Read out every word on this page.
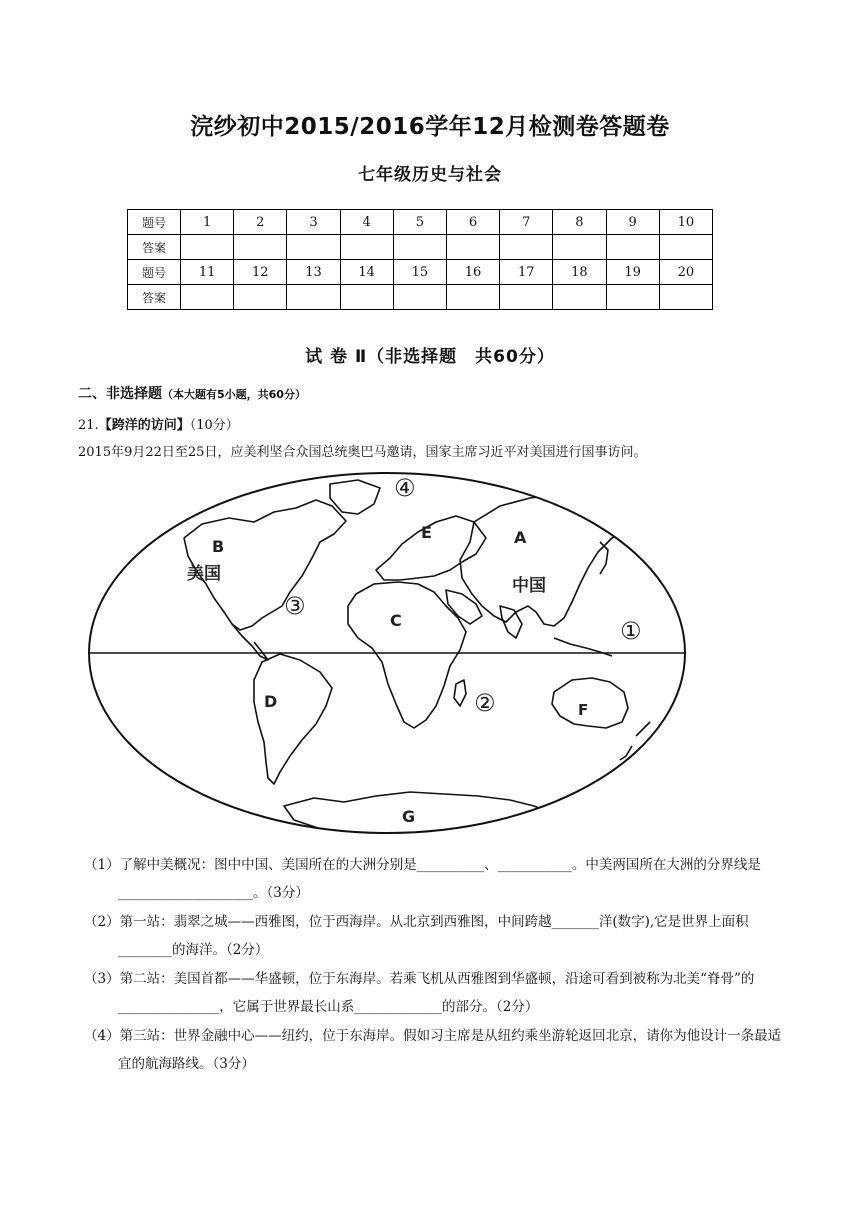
浣纱初中2015/2016学年12月检测卷答题卷
七年级历史与社会
题号	1	2	3	4	5	6	7	8	9	10
答案										
题号	11	12	13	14	15	16	17	18	19	20
答案										
试 卷 Ⅱ（非选择题　共60分）
二、非选择题（本大题有5小题，共60分）
21.【跨洋的访问】（10分）
2015年9月22日至25日，应美利坚合众国总统奥巴马邀请，国家主席习近平对美国进行国事访问。
A
B
C
D
E
F
G
美国
中国
①
②
③
④

（1）了解中美概况：图中中国、美国所在的大洲分别是__________、___________。中美两国所在大洲的分界线是____________________。（3分）

（2）第一站：翡翠之城——西雅图，位于西海岸。从北京到西雅图，中间跨越_______洋(数字),它是世界上面积________的海洋。（2分）

（3）第二站：美国首都——华盛顿，位于东海岸。若乘飞机从西雅图到华盛顿，沿途可看到被称为北美“脊骨”的_______________，它属于世界最长山系_____________的部分。（2分）

（4）第三站：世界金融中心——纽约，位于东海岸。假如习主席是从纽约乘坐游轮返回北京，请你为他设计一条最适宜的航海路线。（3分）
